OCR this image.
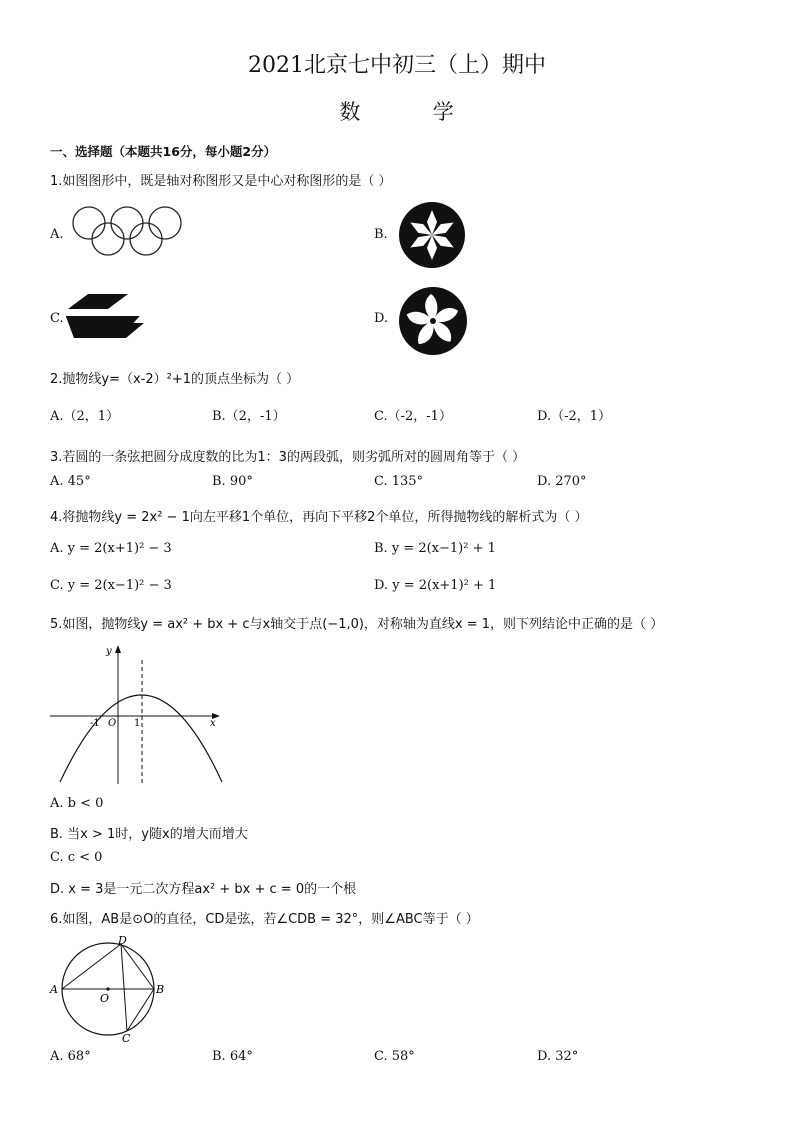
2021北京七中初三（上）期中
数	学
一、选择题（本题共16分，每小题2分）
1.如图图形中，既是轴对称图形又是中心对称图形的是（ ）
A.	B.
C.	D.
2.抛物线y=（x-2）²+1的顶点坐标为（ ）
A.（2，1）	B.（2，-1）	C.（-2，-1）	D.（-2，1）
3.若圆的一条弦把圆分成度数的比为1：3的两段弧，则劣弧所对的圆周角等于（ ）
A. 45°	B. 90°	C. 135°	D. 270°
4.将抛物线y = 2x² − 1向左平移1个单位，再向下平移2个单位，所得抛物线的解析式为（ ）
A. y = 2(x+1)² − 3	B. y = 2(x−1)² + 1
C. y = 2(x−1)² − 3	D. y = 2(x+1)² + 1
5.如图，抛物线y = ax² + bx + c与x轴交于点(−1,0)，对称轴为直线x = 1，则下列结论中正确的是（ ）
y
x
O
-1	1
A. b < 0
B. 当x > 1时，y随x的增大而增大
C. c < 0
D. x = 3是一元二次方程ax² + bx + c = 0的一个根
6.如图，AB是⊙O的直径，CD是弦，若∠CDB = 32°，则∠ABC等于（ ）
A	B
D
C
O
A. 68°	B. 64°	C. 58°	D. 32°
